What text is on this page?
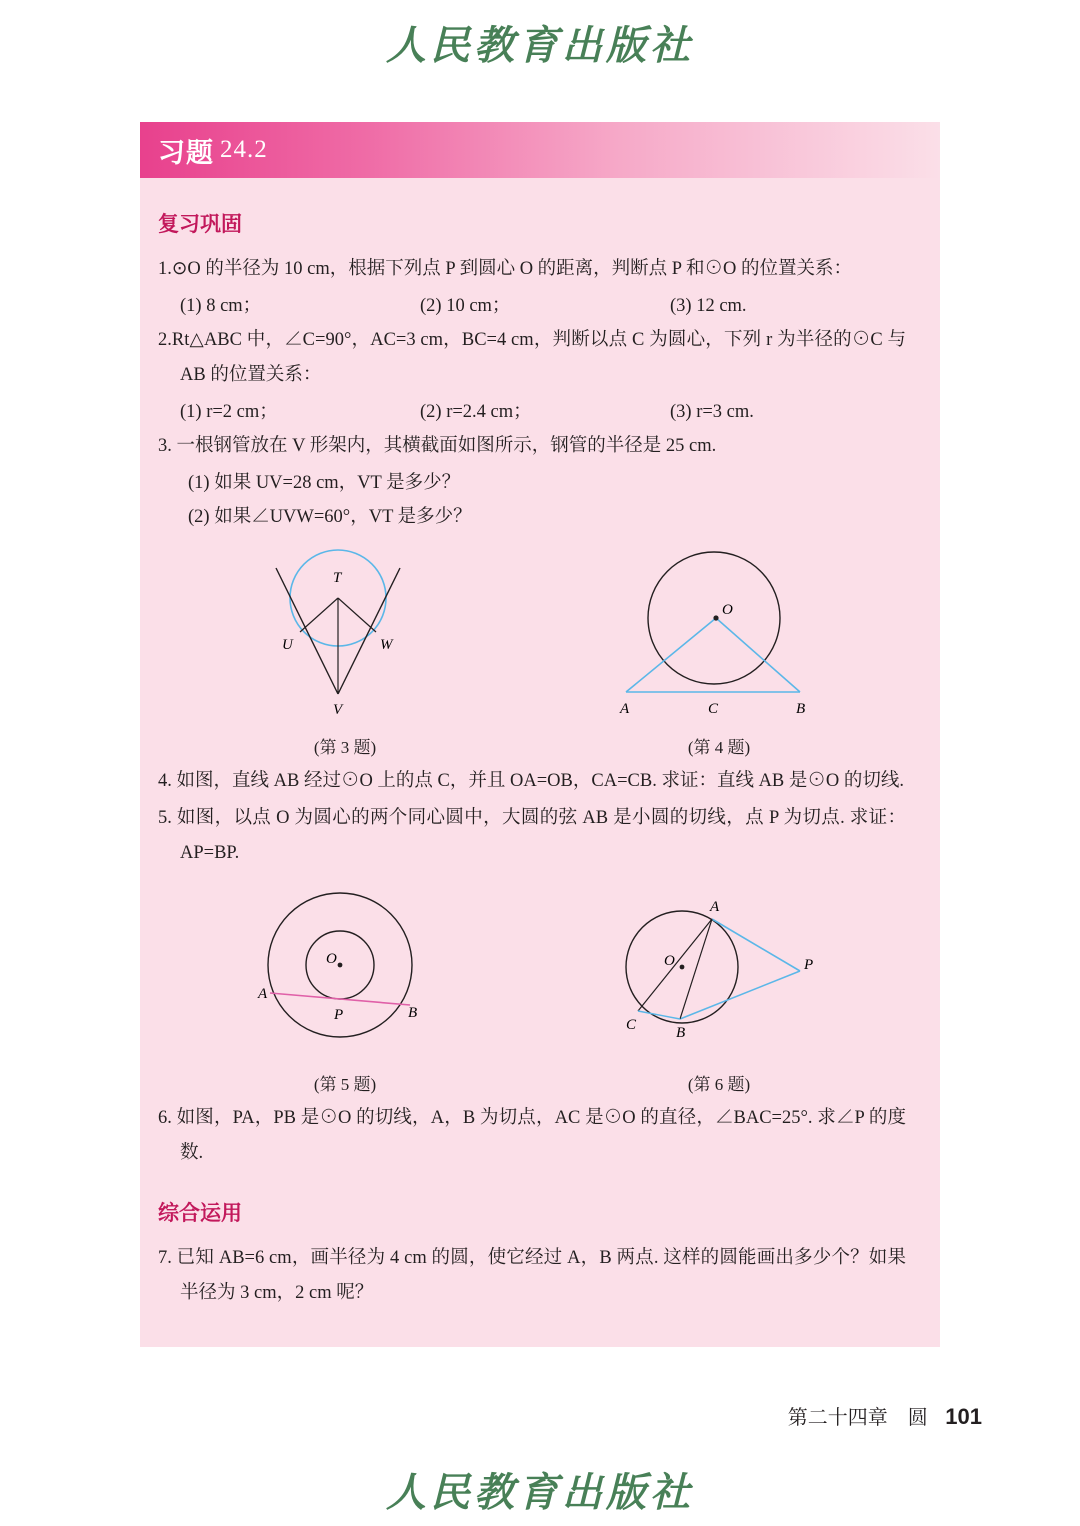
人民教育出版社
习题 24.2
复习巩固
1.⊙O 的半径为 10 cm，根据下列点 P 到圆心 O 的距离，判断点 P 和⊙O 的位置关系：
(1) 8 cm；	(2) 10 cm；	(3) 12 cm.
2.Rt△ABC 中，∠C=90°，AC=3 cm，BC=4 cm，判断以点 C 为圆心，下列 r 为半径的⊙C 与 AB 的位置关系：
(1) r=2 cm；	(2) r=2.4 cm；	(3) r=3 cm.
3. 一根钢管放在 V 形架内，其横截面如图所示，钢管的半径是 25 cm.
(1) 如果 UV=28 cm，VT 是多少？
(2) 如果∠UVW=60°，VT 是多少？
T
U	W
V
(第 3 题)
O
A	C	B
(第 4 题)
4. 如图，直线 AB 经过⊙O 上的点 C，并且 OA=OB，CA=CB. 求证：直线 AB 是⊙O 的切线.
5. 如图，以点 O 为圆心的两个同心圆中，大圆的弦 AB 是小圆的切线，点 P 为切点. 求证：AP=BP.
O
A
P	B
(第 5 题)
A
O	P
C	B
(第 6 题)
6. 如图，PA，PB 是⊙O 的切线，A，B 为切点，AC 是⊙O 的直径，∠BAC=25°. 求∠P 的度数.
综合运用
7. 已知 AB=6 cm，画半径为 4 cm 的圆，使它经过 A，B 两点. 这样的圆能画出多少个？如果半径为 3 cm，2 cm 呢？
第二十四章　圆 101
人民教育出版社
